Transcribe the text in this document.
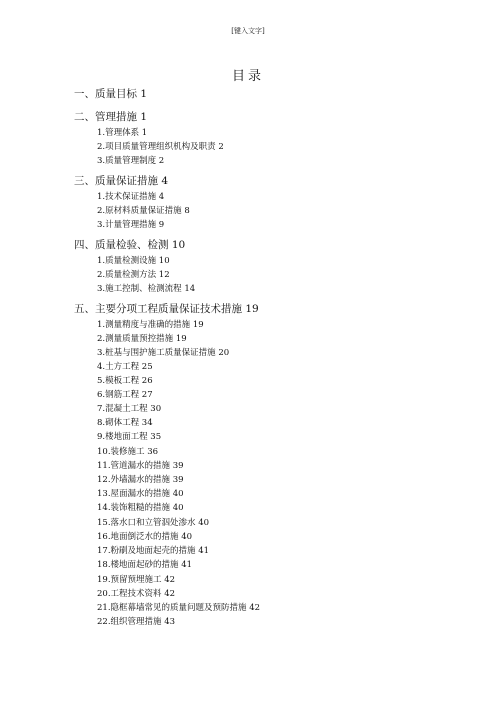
[键入文字]
目录
一、质量目标 1
二、管理措施 1
1.管理体系 1
2.项目质量管理组织机构及职责 2
3.质量管理制度 2
三、质量保证措施 4
1.技术保证措施 4
2.原材料质量保证措施 8
3.计量管理措施 9
四、质量检验、检测 10
1.质量检测设施 10
2.质量检测方法 12
3.施工控制、检测流程 14
五、主要分项工程质量保证技术措施 19
1.测量精度与准确的措施 19
2.测量质量预控措施 19
3.桩基与围护施工质量保证措施 20
4.土方工程 25
5.模板工程 26
6.钢筋工程 27
7.混凝土工程 30
8.砌体工程 34
9.楼地面工程 35
10.装修施工 36
11.管道漏水的措施 39
12.外墙漏水的措施 39
13.屋面漏水的措施 40
14.装饰粗糙的措施 40
15.落水口和立管泅处渗水 40
16.地面倒泛水的措施 40
17.粉刷及地面起壳的措施 41
18.楼地面起砂的措施 41
19.预留预埋施工 42
20.工程技术资料 42
21.隐框幕墙常见的质量问题及预防措施 42
22.组织管理措施 43
